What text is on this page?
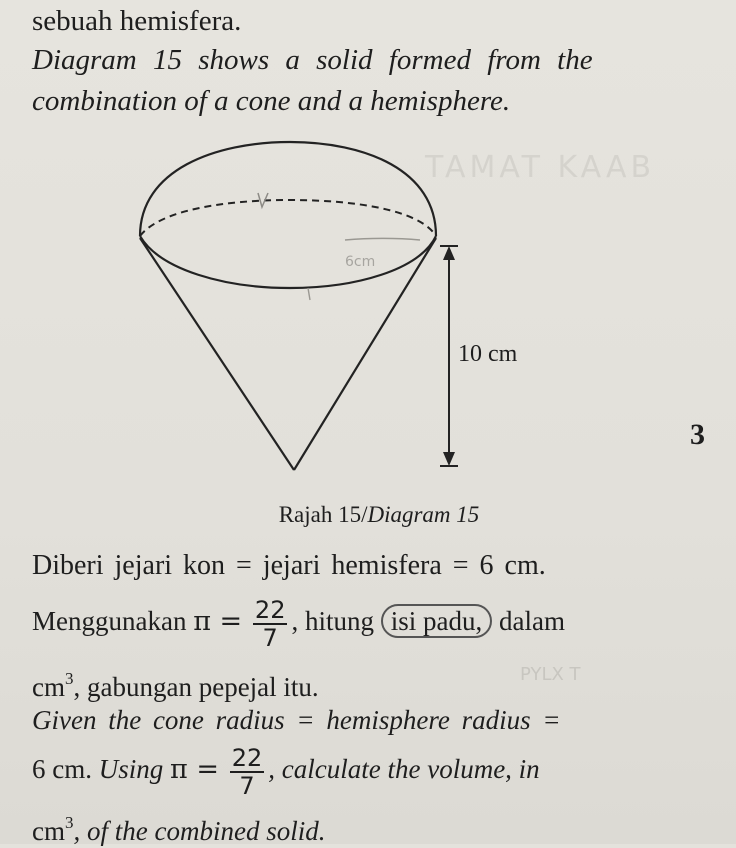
sebuah hemisfera.
Diagram 15 shows a solid formed from the
combination of a cone and a hemisphere.
TAMAT KAAB
6cm
10 cm
3
Rajah 15/Diagram 15
Diberi jejari kon = jejari hemisfera = 6 cm.
Menggunakan $\pi = \frac{22}{7}$ , hitung isi padu, dalam
$cm^3$, gabungan pepejal itu.	PYLX T
Given the cone radius = hemisphere radius =
6 cm. Using $\pi = \frac{22}{7}$ , calculate the volume, in
$cm^3$, of the combined solid.
